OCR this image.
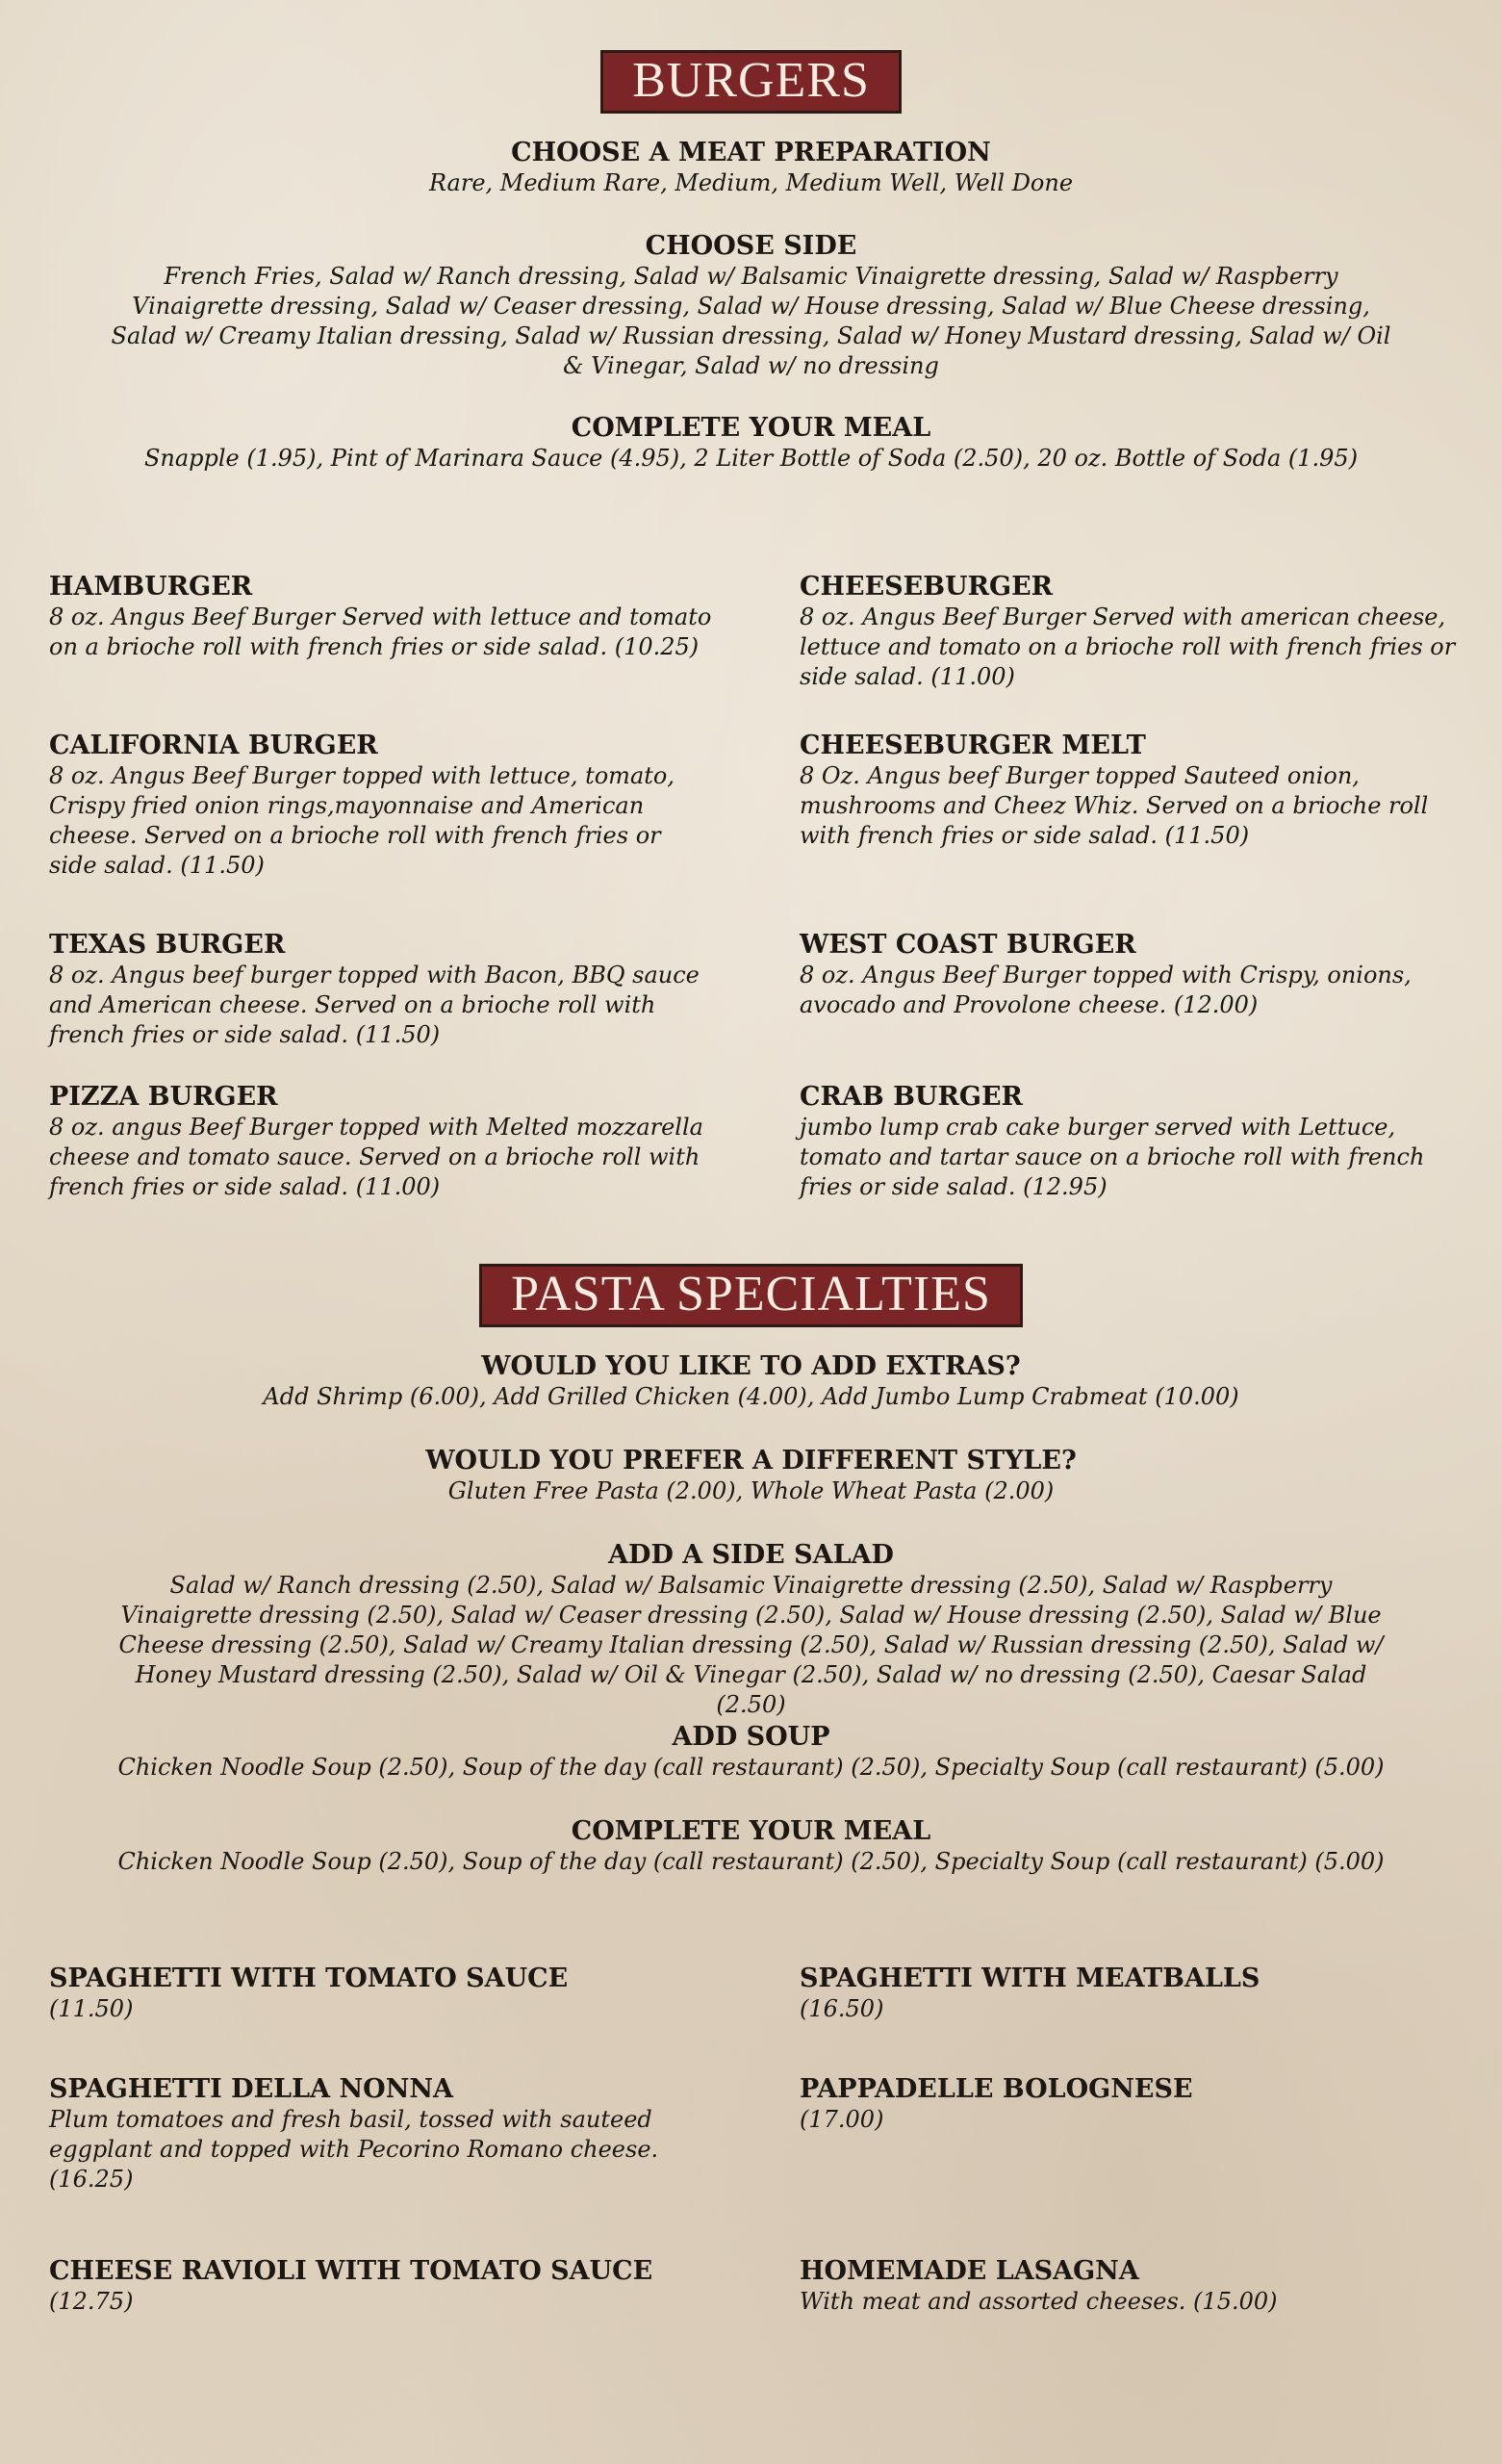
BURGERS
CHOOSE A MEAT PREPARATION
Rare, Medium Rare, Medium, Medium Well, Well Done
CHOOSE SIDE
French Fries, Salad w/ Ranch dressing, Salad w/ Balsamic Vinaigrette dressing, Salad w/ Raspberry Vinaigrette dressing, Salad w/ Ceaser dressing, Salad w/ House dressing, Salad w/ Blue Cheese dressing, Salad w/ Creamy Italian dressing, Salad w/ Russian dressing, Salad w/ Honey Mustard dressing, Salad w/ Oil & Vinegar, Salad w/ no dressing
COMPLETE YOUR MEAL
Snapple (1.95), Pint of Marinara Sauce (4.95), 2 Liter Bottle of Soda (2.50), 20 oz. Bottle of Soda (1.95)
HAMBURGER
8 oz. Angus Beef Burger Served with lettuce and tomato on a brioche roll with french fries or side salad. (10.25)
CHEESEBURGER
8 oz. Angus Beef Burger Served with american cheese, lettuce and tomato on a brioche roll with french fries or side salad. (11.00)
CALIFORNIA BURGER
8 oz. Angus Beef Burger topped with lettuce, tomato, Crispy fried onion rings,mayonnaise and American cheese. Served on a brioche roll with french fries or side salad. (11.50)
CHEESEBURGER MELT
8 Oz. Angus beef Burger topped Sauteed onion, mushrooms and Cheez Whiz. Served on a brioche roll with french fries or side salad. (11.50)
TEXAS BURGER
8 oz. Angus beef burger topped with Bacon, BBQ sauce and American cheese. Served on a brioche roll with french fries or side salad. (11.50)
WEST COAST BURGER
8 oz. Angus Beef Burger topped with Crispy, onions, avocado and Provolone cheese. (12.00)
PIZZA BURGER
8 oz. angus Beef Burger topped with Melted mozzarella cheese and tomato sauce. Served on a brioche roll with french fries or side salad. (11.00)
CRAB BURGER
jumbo lump crab cake burger served with Lettuce, tomato and tartar sauce on a brioche roll with french fries or side salad. (12.95)
PASTA SPECIALTIES
WOULD YOU LIKE TO ADD EXTRAS?
Add Shrimp (6.00), Add Grilled Chicken (4.00), Add Jumbo Lump Crabmeat (10.00)
WOULD YOU PREFER A DIFFERENT STYLE?
Gluten Free Pasta (2.00), Whole Wheat Pasta (2.00)
ADD A SIDE SALAD
Salad w/ Ranch dressing (2.50), Salad w/ Balsamic Vinaigrette dressing (2.50), Salad w/ Raspberry Vinaigrette dressing (2.50), Salad w/ Ceaser dressing (2.50), Salad w/ House dressing (2.50), Salad w/ Blue Cheese dressing (2.50), Salad w/ Creamy Italian dressing (2.50), Salad w/ Russian dressing (2.50), Salad w/ Honey Mustard dressing (2.50), Salad w/ Oil & Vinegar (2.50), Salad w/ no dressing (2.50), Caesar Salad (2.50)
ADD SOUP
Chicken Noodle Soup (2.50), Soup of the day (call restaurant) (2.50), Specialty Soup (call restaurant) (5.00)
COMPLETE YOUR MEAL
Chicken Noodle Soup (2.50), Soup of the day (call restaurant) (2.50), Specialty Soup (call restaurant) (5.00)
SPAGHETTI WITH TOMATO SAUCE
(11.50)
SPAGHETTI WITH MEATBALLS
(16.50)
SPAGHETTI DELLA NONNA
Plum tomatoes and fresh basil, tossed with sauteed eggplant and topped with Pecorino Romano cheese. (16.25)
PAPPADELLE BOLOGNESE
(17.00)
CHEESE RAVIOLI WITH TOMATO SAUCE
(12.75)
HOMEMADE LASAGNA
With meat and assorted cheeses. (15.00)
